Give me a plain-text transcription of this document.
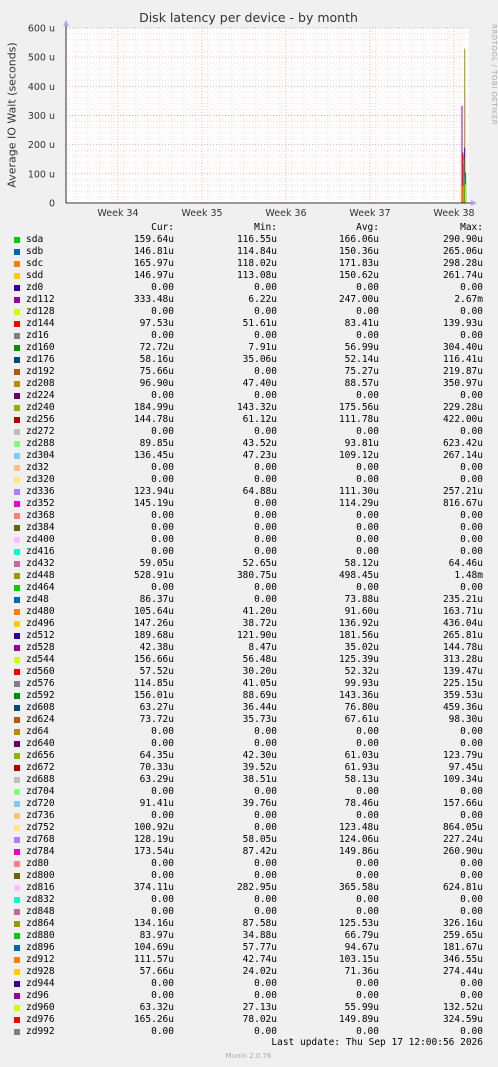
Disk latency per device - by month
Average IO Wait (seconds)	RRDTOOL / TOBI OETIKER
0
100 u
200 u
300 u
400 u
500 u
600 u
Week 34	Week 35	Week 36	Week 37	Week 38
Cur:	Min:	Avg:	Max:
sda	159.64u	116.55u	166.06u	290.90u
sdb	146.81u	114.84u	150.36u	265.06u
sdc	165.97u	118.02u	171.83u	298.28u
sdd	146.97u	113.08u	150.62u	261.74u
zd0	0.00	0.00	0.00	0.00
zd112	333.48u	6.22u	247.00u	2.67m
zd128	0.00	0.00	0.00	0.00
zd144	97.53u	51.61u	83.41u	139.93u
zd16	0.00	0.00	0.00	0.00
zd160	72.72u	7.91u	56.99u	304.40u
zd176	58.16u	35.06u	52.14u	116.41u
zd192	75.66u	0.00	75.27u	219.87u
zd208	96.90u	47.40u	88.57u	350.97u
zd224	0.00	0.00	0.00	0.00
zd240	184.99u	143.32u	175.56u	229.28u
zd256	144.78u	61.12u	111.78u	422.00u
zd272	0.00	0.00	0.00	0.00
zd288	89.85u	43.52u	93.81u	623.42u
zd304	136.45u	47.23u	109.12u	267.14u
zd32	0.00	0.00	0.00	0.00
zd320	0.00	0.00	0.00	0.00
zd336	123.94u	64.88u	111.30u	257.21u
zd352	145.19u	0.00	114.29u	816.67u
zd368	0.00	0.00	0.00	0.00
zd384	0.00	0.00	0.00	0.00
zd400	0.00	0.00	0.00	0.00
zd416	0.00	0.00	0.00	0.00
zd432	59.05u	52.65u	58.12u	64.46u
zd448	528.91u	380.75u	498.45u	1.48m
zd464	0.00	0.00	0.00	0.00
zd48	86.37u	0.00	73.88u	235.21u
zd480	105.64u	41.20u	91.60u	163.71u
zd496	147.26u	38.72u	136.92u	436.04u
zd512	189.68u	121.90u	181.56u	265.81u
zd528	42.38u	8.47u	35.02u	144.78u
zd544	156.66u	56.48u	125.39u	313.28u
zd560	57.52u	30.20u	52.32u	139.47u
zd576	114.85u	41.05u	99.93u	225.15u
zd592	156.01u	88.69u	143.36u	359.53u
zd608	63.27u	36.44u	76.80u	459.36u
zd624	73.72u	35.73u	67.61u	98.30u
zd64	0.00	0.00	0.00	0.00
zd640	0.00	0.00	0.00	0.00
zd656	64.35u	42.30u	61.03u	123.79u
zd672	70.33u	39.52u	61.93u	97.45u
zd688	63.29u	38.51u	58.13u	109.34u
zd704	0.00	0.00	0.00	0.00
zd720	91.41u	39.76u	78.46u	157.66u
zd736	0.00	0.00	0.00	0.00
zd752	100.92u	0.00	123.48u	864.05u
zd768	128.19u	58.05u	124.06u	227.24u
zd784	173.54u	87.42u	149.86u	260.90u
zd80	0.00	0.00	0.00	0.00
zd800	0.00	0.00	0.00	0.00
zd816	374.11u	282.95u	365.58u	624.81u
zd832	0.00	0.00	0.00	0.00
zd848	0.00	0.00	0.00	0.00
zd864	134.16u	87.58u	125.53u	326.16u
zd880	83.97u	34.88u	66.79u	259.65u
zd896	104.69u	57.77u	94.67u	181.67u
zd912	111.57u	42.74u	103.15u	346.55u
zd928	57.66u	24.02u	71.36u	274.44u
zd944	0.00	0.00	0.00	0.00
zd96	0.00	0.00	0.00	0.00
zd960	63.32u	27.13u	55.99u	132.52u
zd976	165.26u	78.02u	149.89u	324.59u
zd992	0.00	0.00	0.00	0.00
Last update: Thu Sep 17 12:00:56 2026
Munin 2.0.76
